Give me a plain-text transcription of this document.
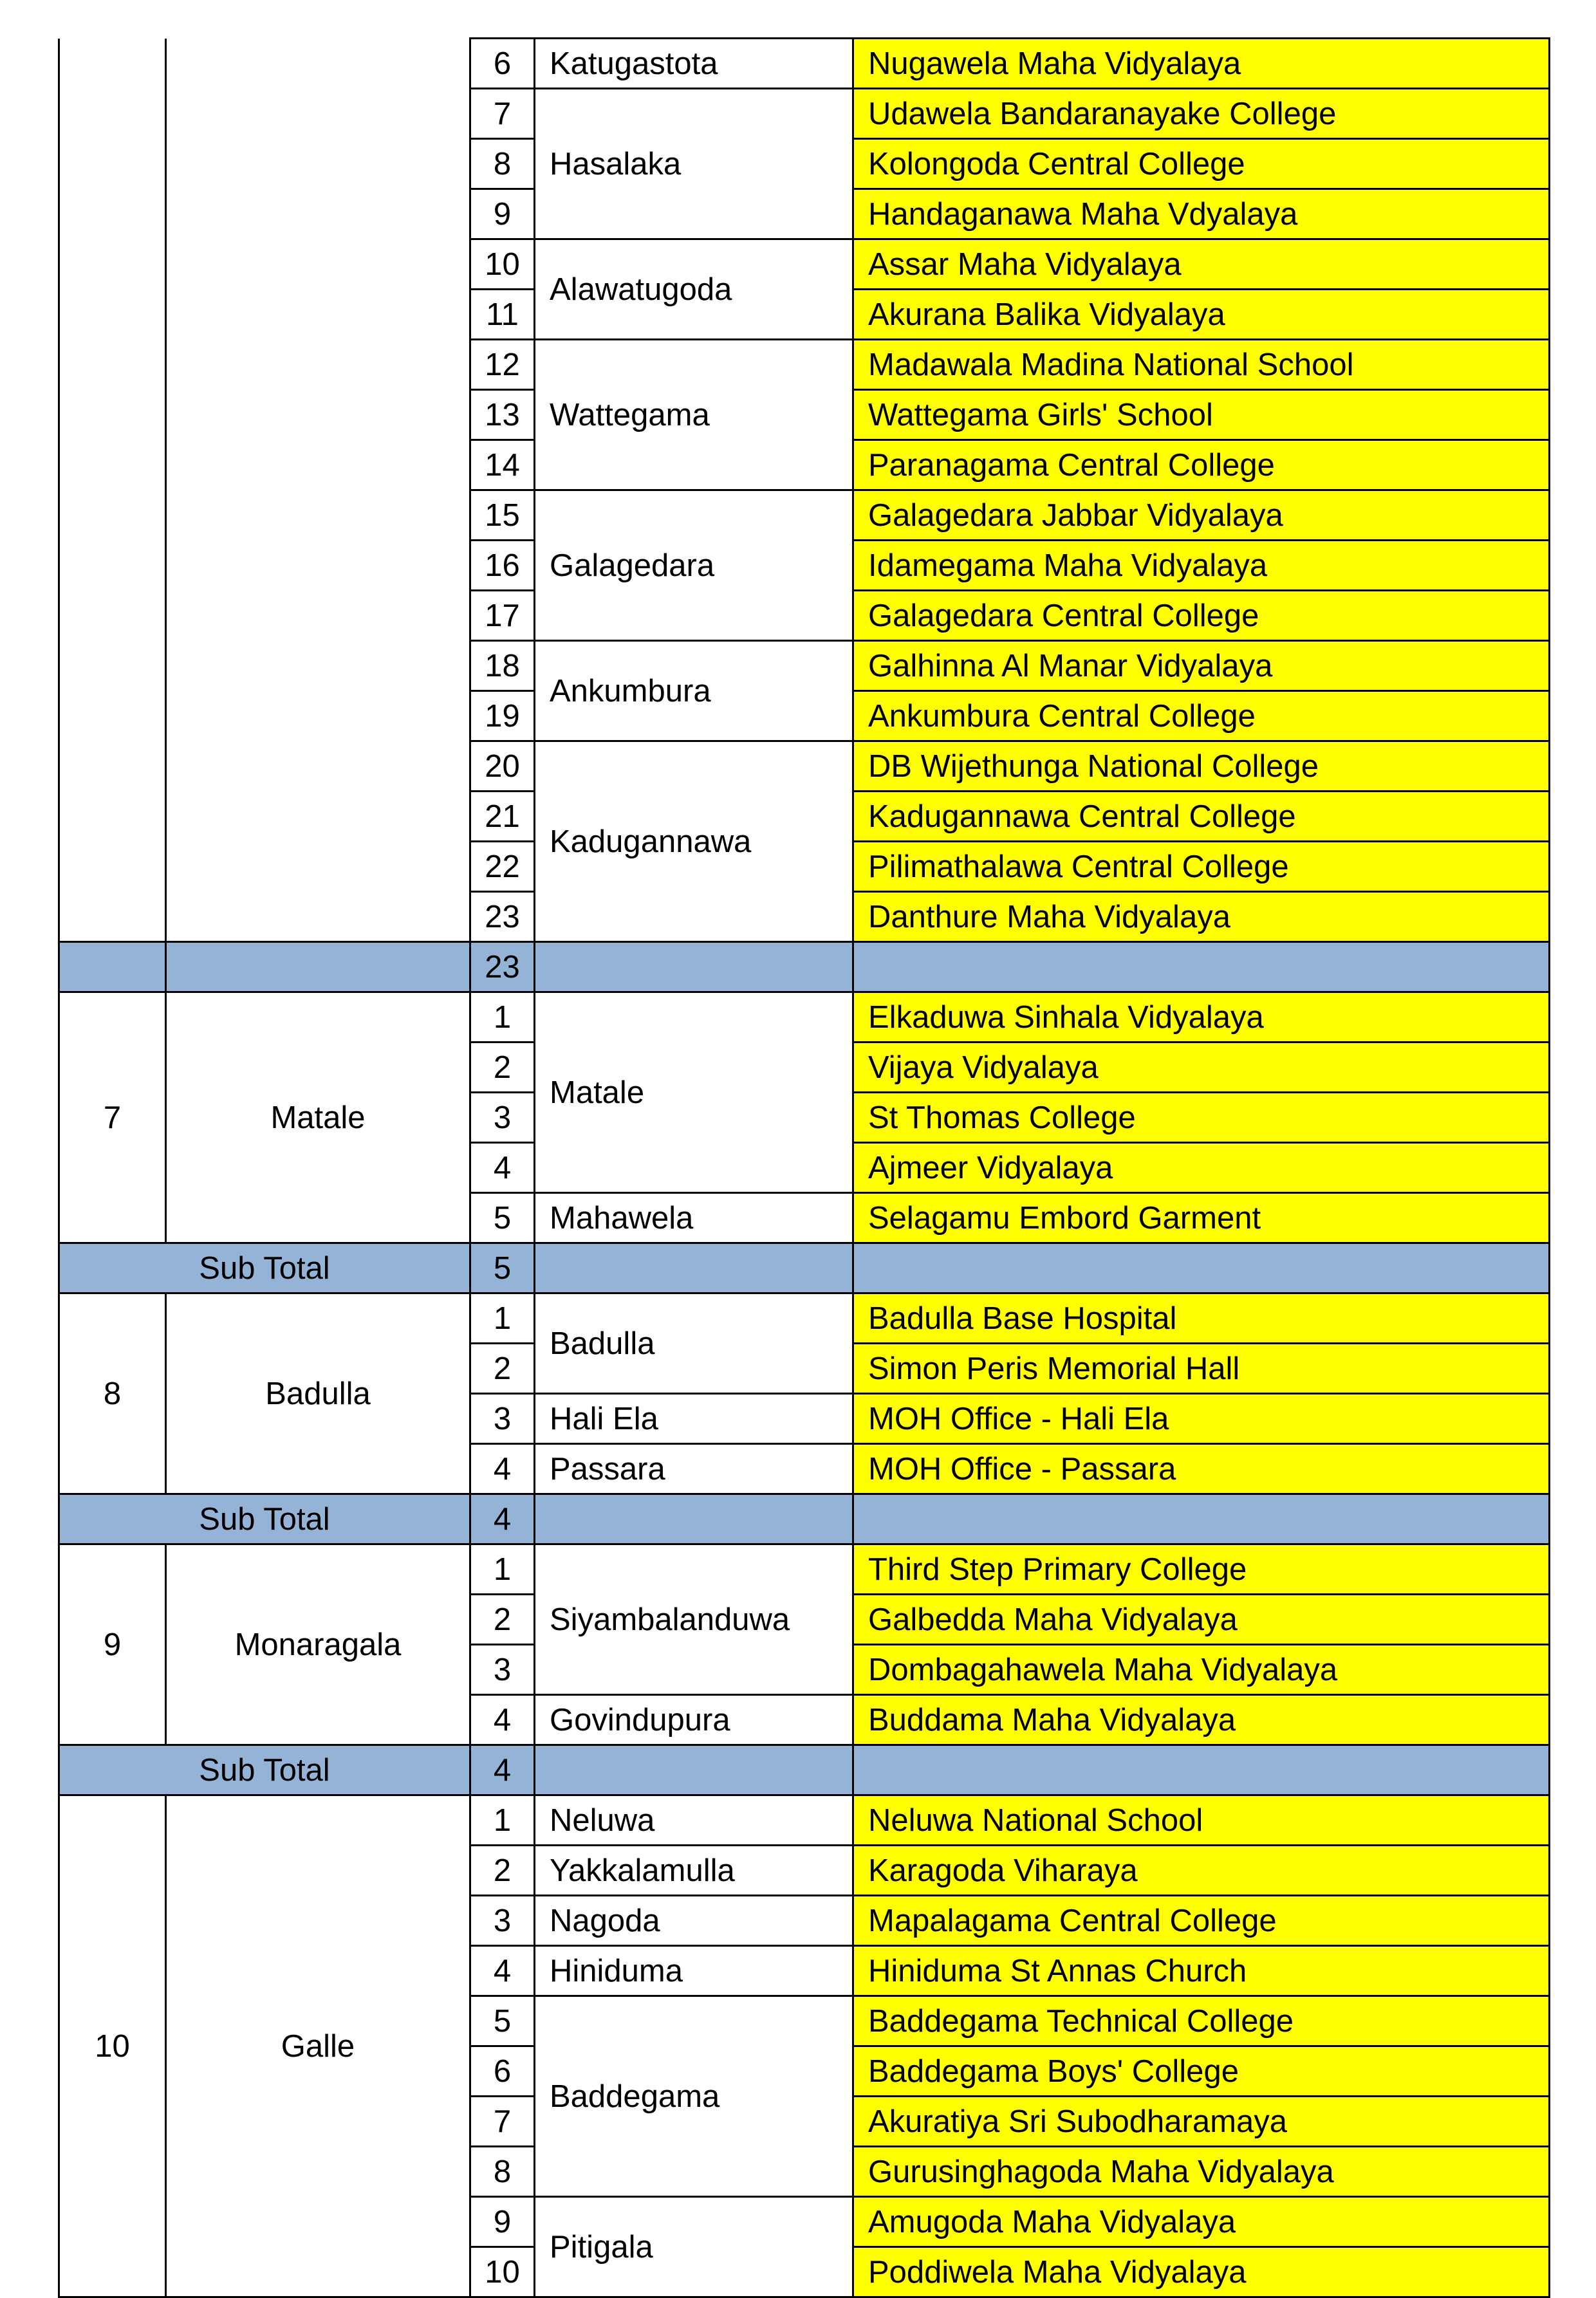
		6	Katugastota	Nugawela Maha Vidyalaya
		7	Hasalaka	Udawela Bandaranayake College
		8		Kolongoda Central College
		9		Handaganawa Maha Vdyalaya
		10	Alawatugoda	Assar Maha Vidyalaya
		11		Akurana Balika Vidyalaya
		12	Wattegama	Madawala Madina National School
		13		Wattegama Girls' School
		14		Paranagama Central College
		15	Galagedara	Galagedara Jabbar Vidyalaya
		16		Idamegama Maha Vidyalaya
		17		Galagedara Central College
		18	Ankumbura	Galhinna Al Manar Vidyalaya
		19		Ankumbura Central College
		20	Kadugannawa	DB Wijethunga National College
		21		Kadugannawa Central College
		22		Pilimathalawa Central College
		23		Danthure Maha Vidyalaya
		23		
7	Matale	1	Matale	Elkaduwa Sinhala Vidyalaya
		2		Vijaya Vidyalaya
		3		St Thomas College
		4		Ajmeer Vidyalaya
		5	Mahawela	Selagamu Embord Garment
Sub Total		5		
8	Badulla	1	Badulla	Badulla Base Hospital
		2		Simon Peris Memorial Hall
		3	Hali Ela	MOH Office - Hali Ela
		4	Passara	MOH Office - Passara
Sub Total		4		
9	Monaragala	1	Siyambalanduwa	Third Step Primary College
		2		Galbedda Maha Vidyalaya
		3		Dombagahawela Maha Vidyalaya
		4	Govindupura	Buddama Maha Vidyalaya
Sub Total		4		
10	Galle	1	Neluwa	Neluwa National School
		2	Yakkalamulla	Karagoda Viharaya
		3	Nagoda	Mapalagama Central College
		4	Hiniduma	Hiniduma St Annas Church
		5	Baddegama	Baddegama Technical College
		6		Baddegama Boys' College
		7		Akuratiya Sri Subodharamaya
		8		Gurusinghagoda Maha Vidyalaya
		9	Pitigala	Amugoda Maha Vidyalaya
		10		Poddiwela Maha Vidyalaya
